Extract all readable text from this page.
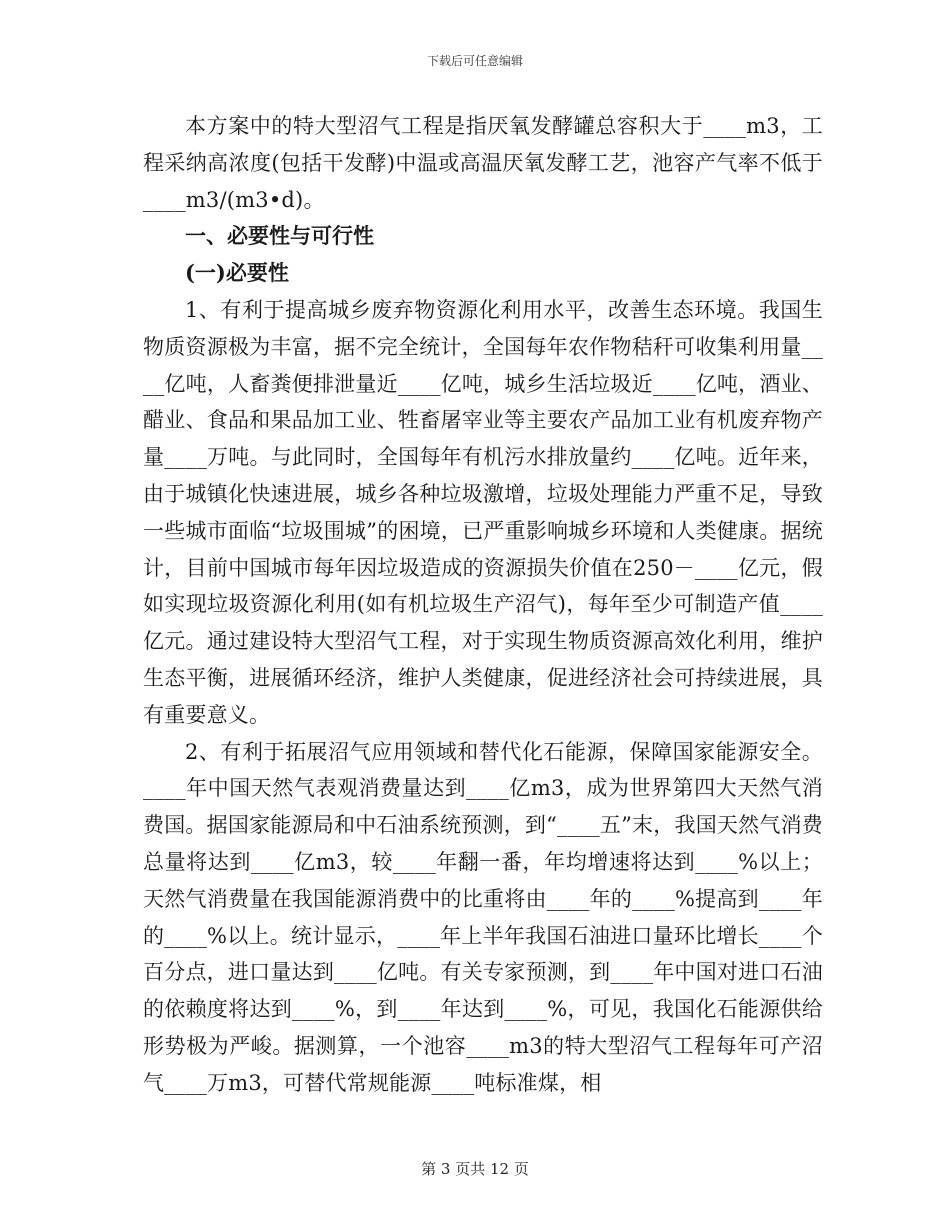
下载后可任意编辑

本方案中的特大型沼气工程是指厌氧发酵罐总容积大于____m3，工程采纳高浓度(包括干发酵)中温或高温厌氧发酵工艺，池容产气率不低于____m3/(m3•d)。

一、必要性与可行性

(一)必要性

1、有利于提高城乡废弃物资源化利用水平，改善生态环境。我国生物质资源极为丰富，据不完全统计，全国每年农作物秸秆可收集利用量____亿吨，人畜粪便排泄量近____亿吨，城乡生活垃圾近____亿吨，酒业、醋业、食品和果品加工业、牲畜屠宰业等主要农产品加工业有机废弃物产量____万吨。与此同时，全国每年有机污水排放量约____亿吨。近年来，由于城镇化快速进展，城乡各种垃圾激增，垃圾处理能力严重不足，导致一些城市面临“垃圾围城”的困境，已严重影响城乡环境和人类健康。据统计，目前中国城市每年因垃圾造成的资源损失价值在250－____亿元，假如实现垃圾资源化利用(如有机垃圾生产沼气)，每年至少可制造产值____亿元。通过建设特大型沼气工程，对于实现生物质资源高效化利用，维护生态平衡，进展循环经济，维护人类健康，促进经济社会可持续进展，具有重要意义。

2、有利于拓展沼气应用领域和替代化石能源，保障国家能源安全。____年中国天然气表观消费量达到____亿m3，成为世界第四大天然气消费国。据国家能源局和中石油系统预测，到“____五”末，我国天然气消费总量将达到____亿m3，较____年翻一番，年均增速将达到____%以上；天然气消费量在我国能源消费中的比重将由____年的____%提高到____年的____%以上。统计显示，____年上半年我国石油进口量环比增长____个百分点，进口量达到____亿吨。有关专家预测，到____年中国对进口石油的依赖度将达到____%，到____年达到____%，可见，我国化石能源供给形势极为严峻。据测算，一个池容____m3的特大型沼气工程每年可产沼气____万m3，可替代常规能源____吨标准煤，相

第 3 页共 12 页
